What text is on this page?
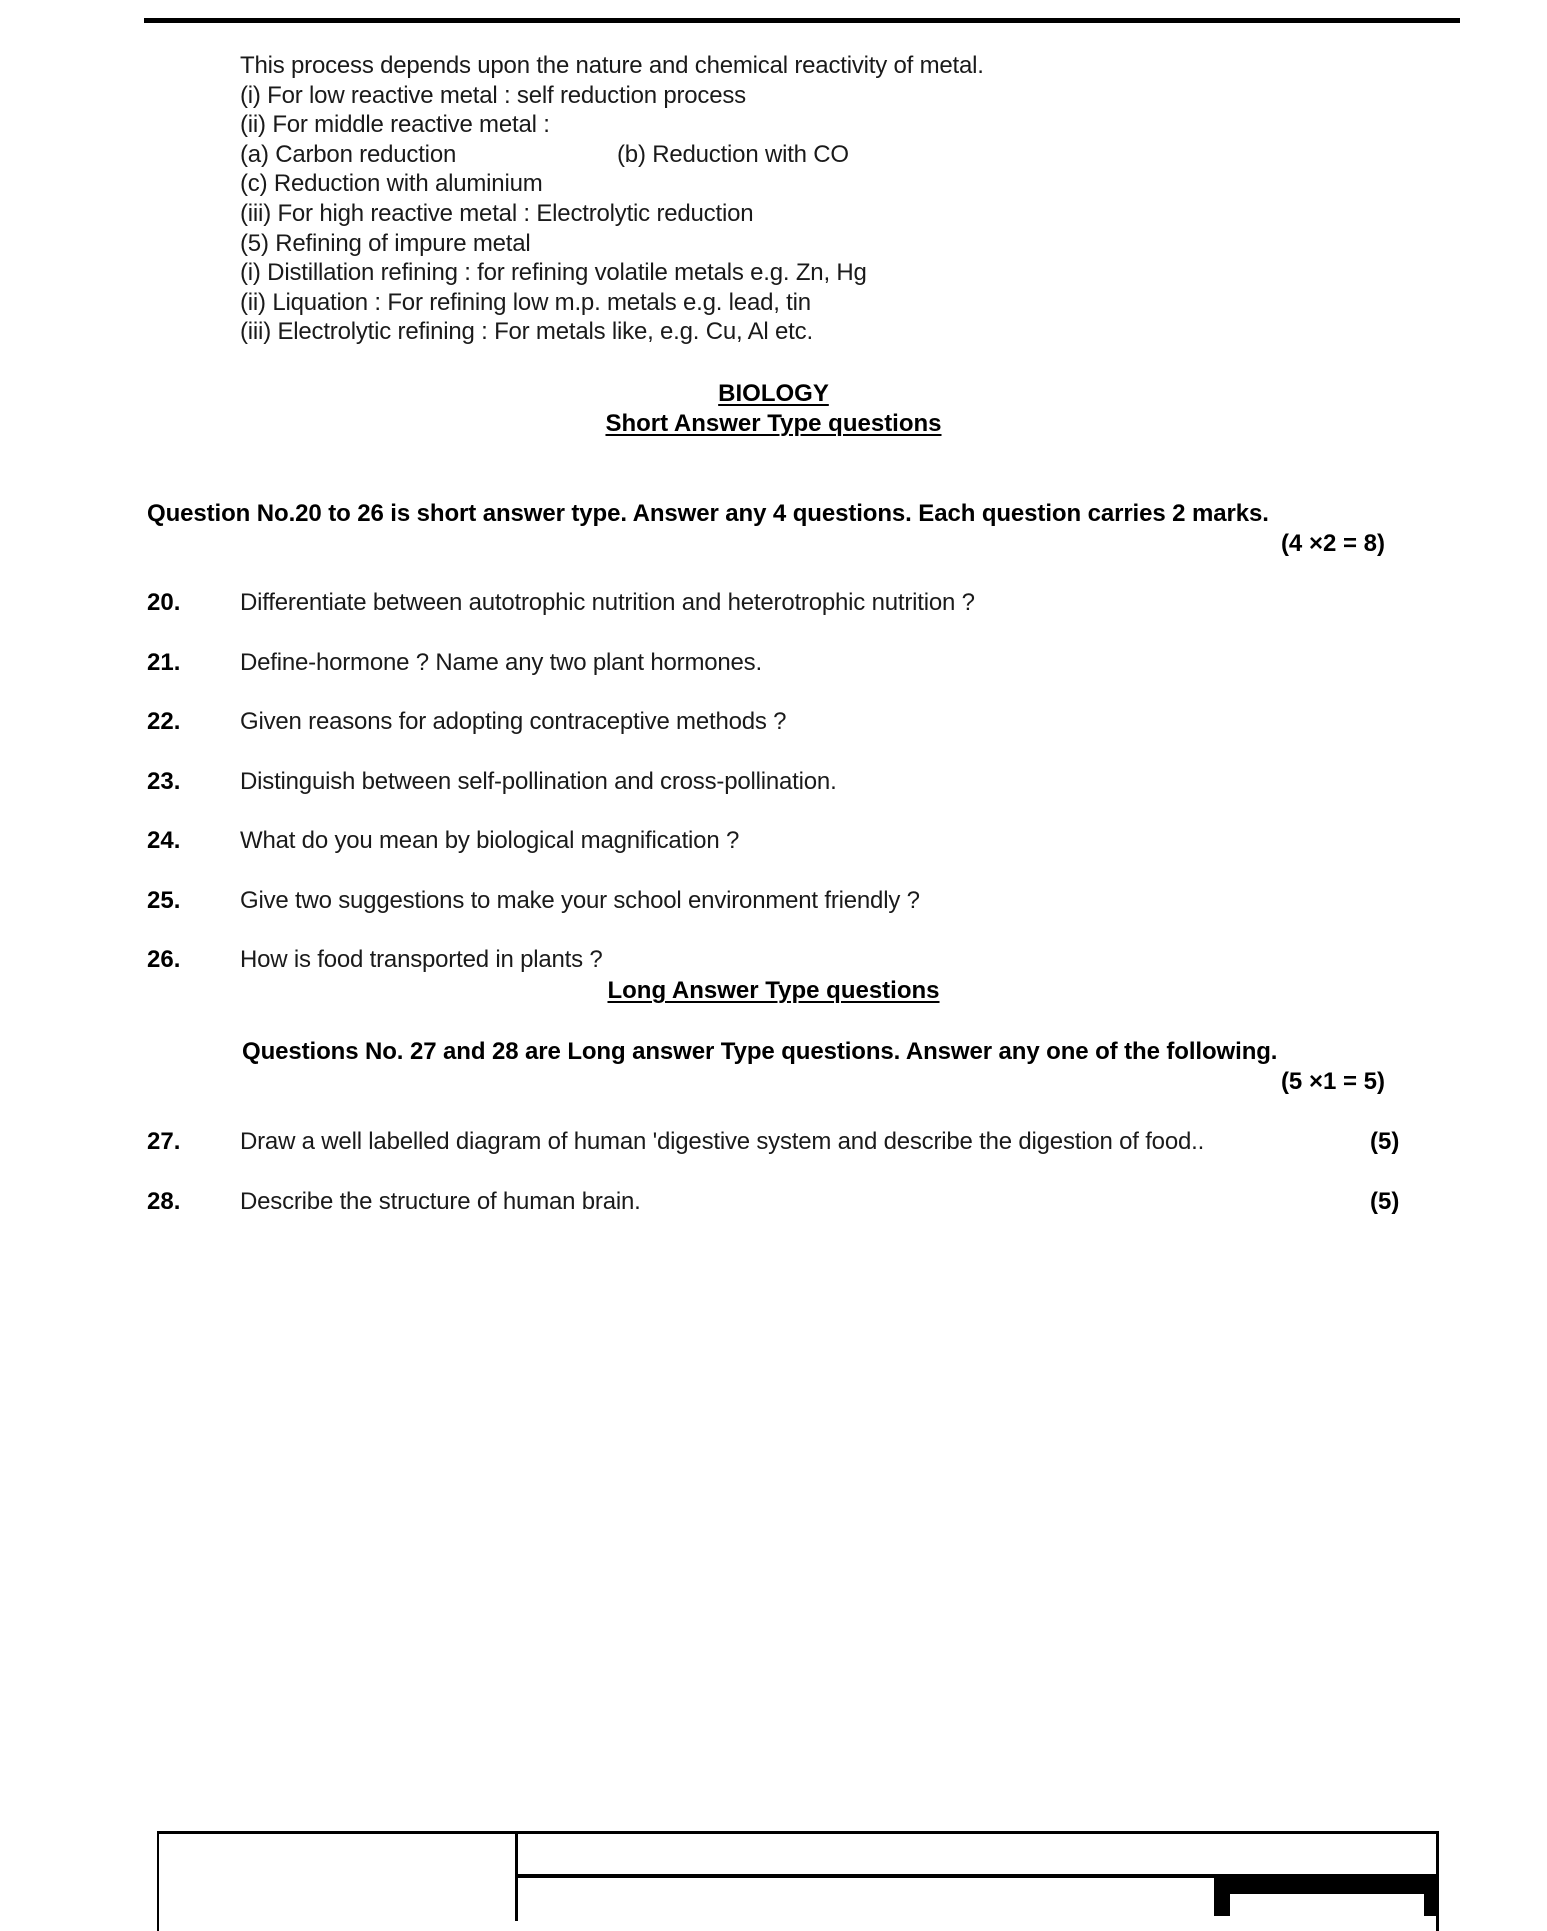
This process depends upon the nature and chemical reactivity of metal.
(i) For low reactive metal : self reduction process
(ii) For middle reactive metal :
(a) Carbon reduction	(b) Reduction with CO
(c) Reduction with aluminium
(iii) For high reactive metal : Electrolytic reduction
(5) Refining of impure metal
(i) Distillation refining : for refining volatile metals e.g. Zn, Hg
(ii) Liquation : For refining low m.p. metals e.g. lead, tin
(iii) Electrolytic refining : For metals like, e.g. Cu, Al etc.
BIOLOGY
Short Answer Type questions
Question No.20 to 26 is short answer type. Answer any 4 questions. Each question carries 2 marks.
(4 ×2 = 8)
20. Differentiate between autotrophic nutrition and heterotrophic nutrition ?
21. Define-hormone ? Name any two plant hormones.
22. Given reasons for adopting contraceptive methods ?
23. Distinguish between self-pollination and cross-pollination.
24. What do you mean by biological magnification ?
25. Give two suggestions to make your school environment friendly ?
26. How is food transported in plants ?
Long Answer Type questions
Questions No. 27 and 28 are Long answer Type questions. Answer any one of the following.
(5 ×1 = 5)
27. Draw a well labelled diagram of human 'digestive system and describe the digestion of food..	(5)
28. Describe the structure of human brain.	(5)
